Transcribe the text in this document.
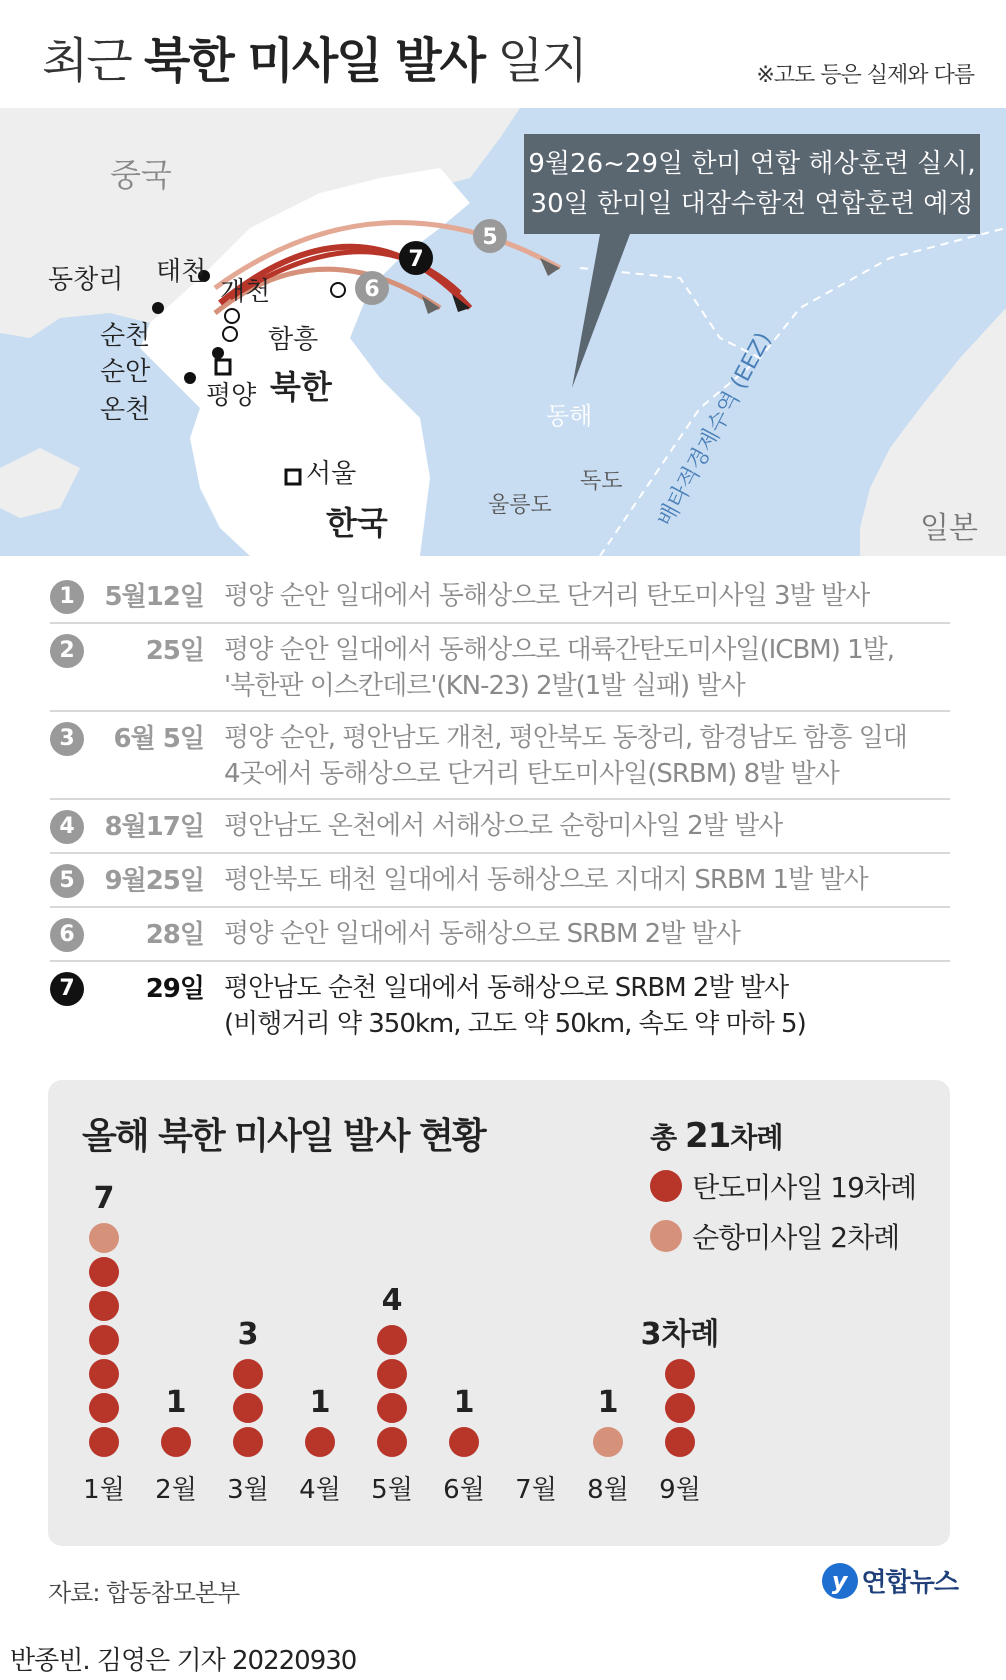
최근 북한 미사일 발사 일지	※고도 등은 실제와 다름
9월26~29일 한미 연합 해상훈련 실시,
30일 한미일 대잠수함전 연합훈련 예정
5
6
7
중국
일본
북한
한국
서울
평양
동창리 태천
개천
순천
순안
온천
함흥
동해
독도
울릉도	배타적경제수역 (EEZ)
1	5월12일 평양 순안 일대에서 동해상으로 단거리 탄도미사일 3발 발사
2	25일 평양 순안 일대에서 동해상으로 대륙간탄도미사일(ICBM) 1발,
'북한판 이스칸데르'(KN-23) 2발(1발 실패) 발사
3	6월 5일 평양 순안, 평안남도 개천, 평안북도 동창리, 함경남도 함흥 일대
4곳에서 동해상으로 단거리 탄도미사일(SRBM) 8발 발사
4	8월17일 평안남도 온천에서 서해상으로 순항미사일 2발 발사
5	9월25일 평안북도 태천 일대에서 동해상으로 지대지 SRBM 1발 발사
6	28일 평양 순안 일대에서 동해상으로 SRBM 2발 발사
7	29일 평안남도 순천 일대에서 동해상으로 SRBM 2발 발사
(비행거리 약 350km, 고도 약 50km, 속도 약 마하 5)
올해 북한 미사일 발사 현황	총 21차례
탄도미사일 19차례
순항미사일 2차례
7
1월
1
2월
3
3월
1
4월
4
5월
1
6월 7월
1
8월
3차례
9월
자료: 합동참모본부	y 연합뉴스
반종빈. 김영은 기자 20220930
